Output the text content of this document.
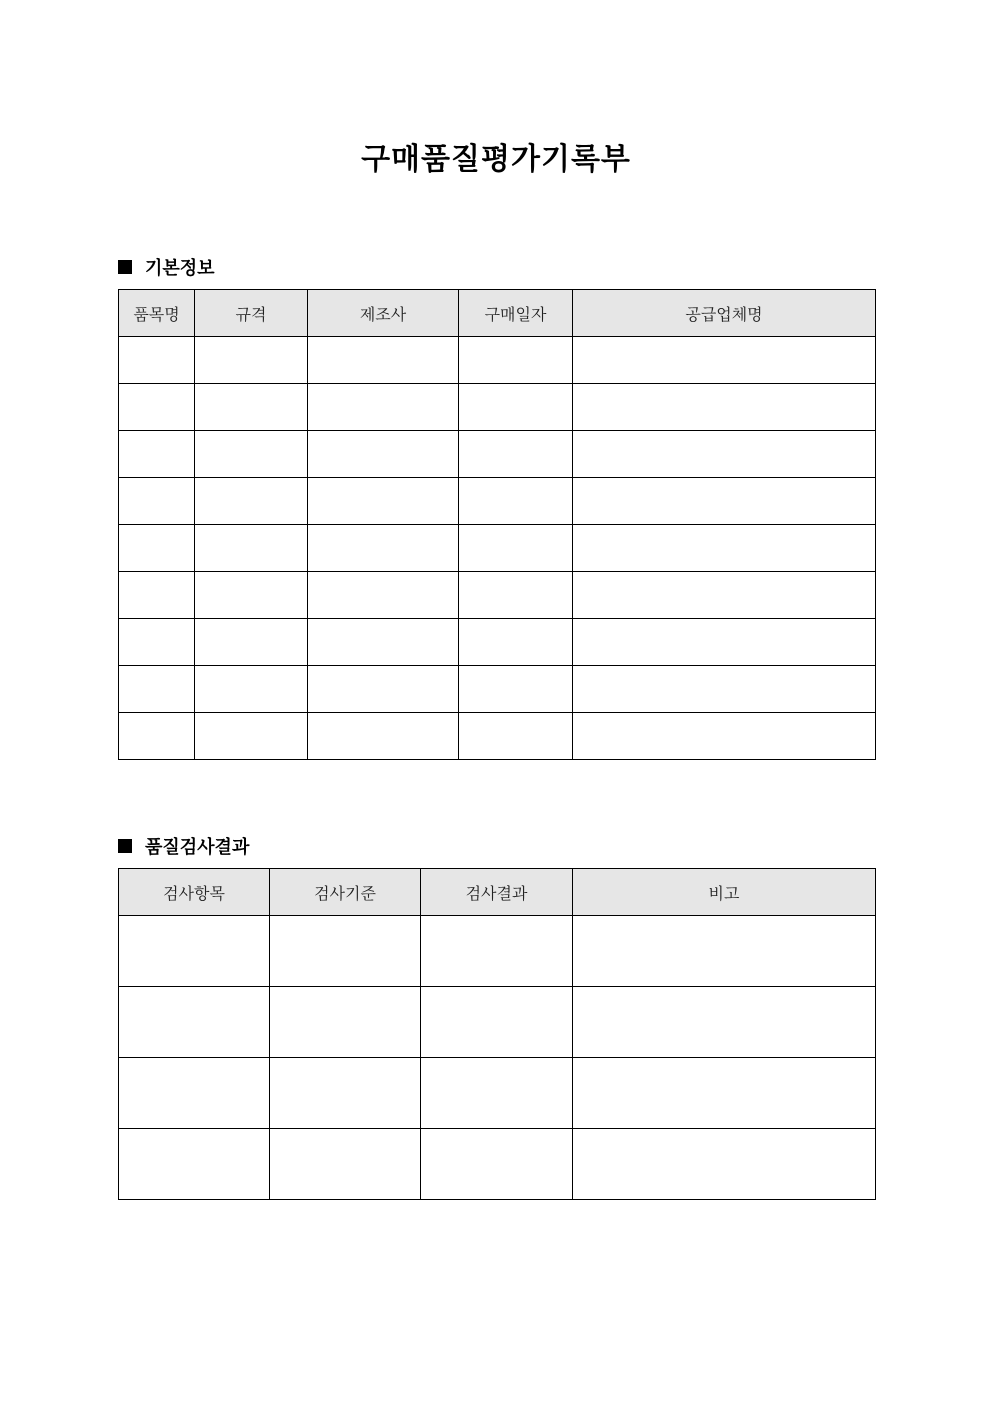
구매품질평가기록부
기본정보
품목명	규격	제조사	구매일자	공급업체명

품질검사결과
검사항목	검사기준	검사결과	비고
